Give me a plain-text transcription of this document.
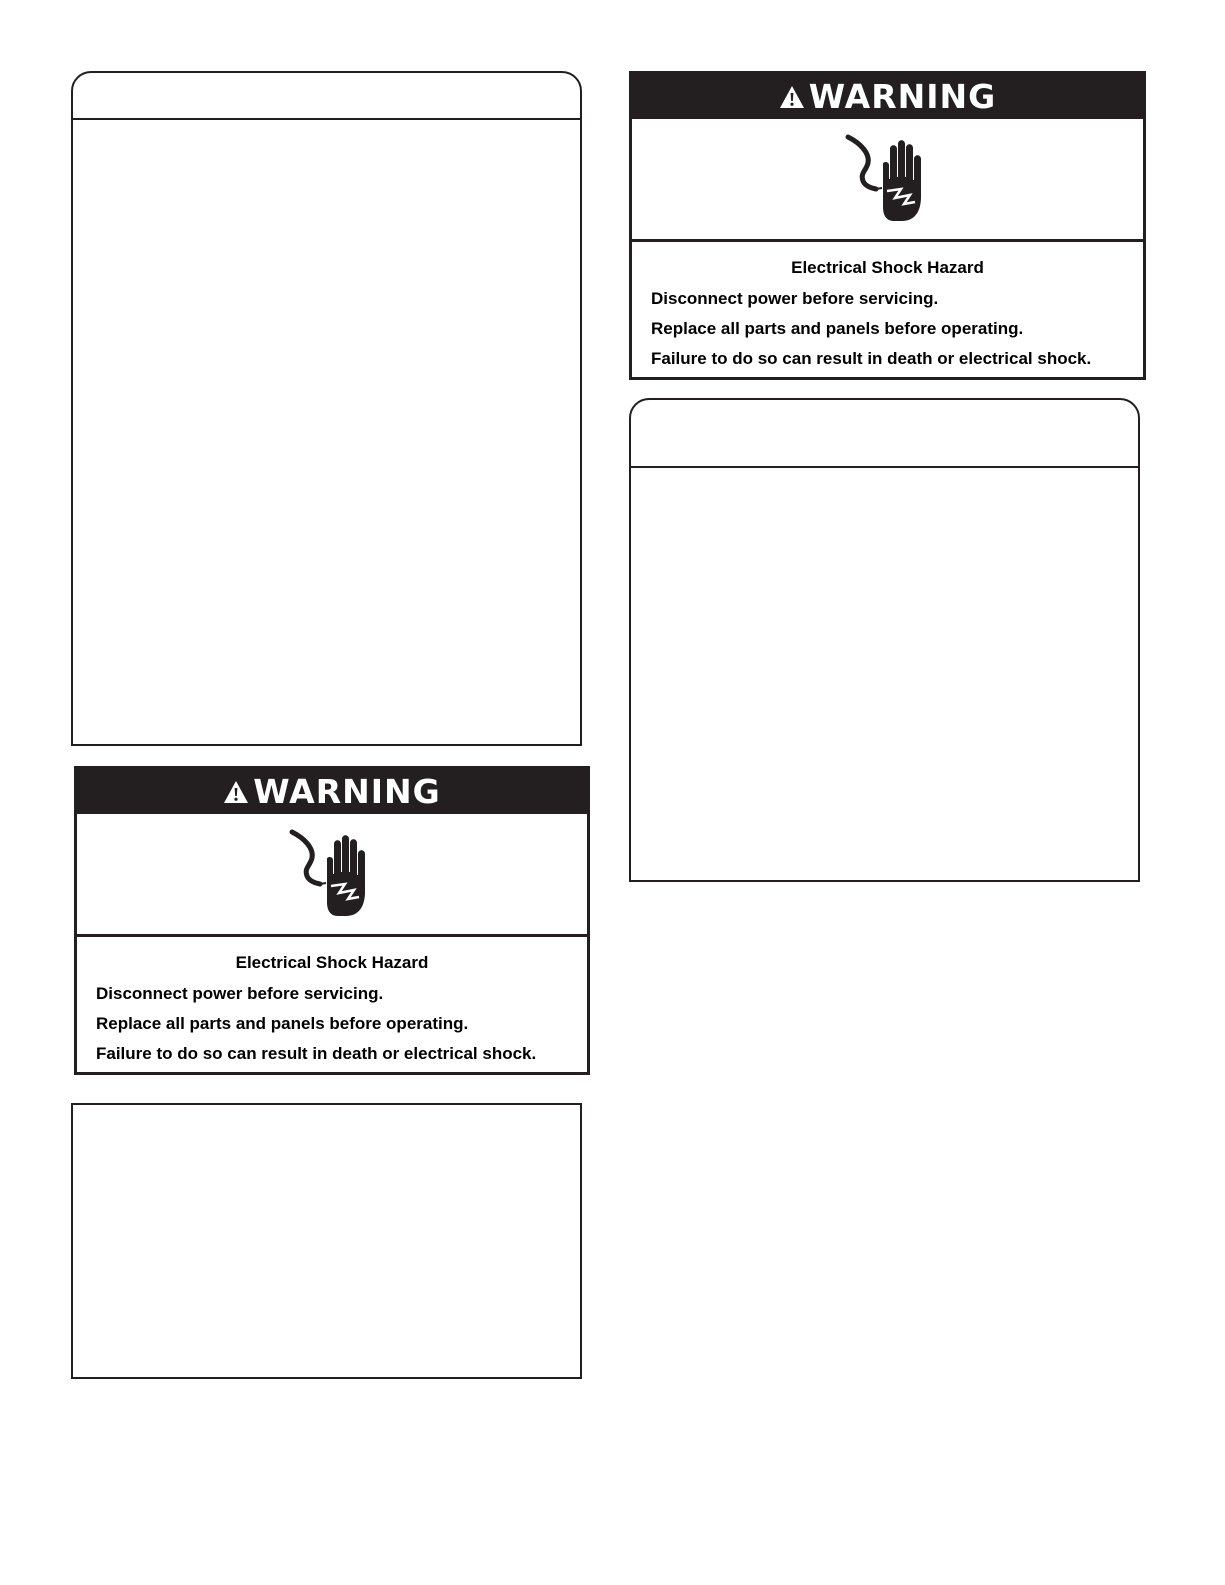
WARNING
Electrical Shock Hazard
Disconnect power before servicing.
Replace all parts and panels before operating.
Failure to do so can result in death or electrical shock.
WARNING
Electrical Shock Hazard
Disconnect power before servicing.
Replace all parts and panels before operating.
Failure to do so can result in death or electrical shock.
